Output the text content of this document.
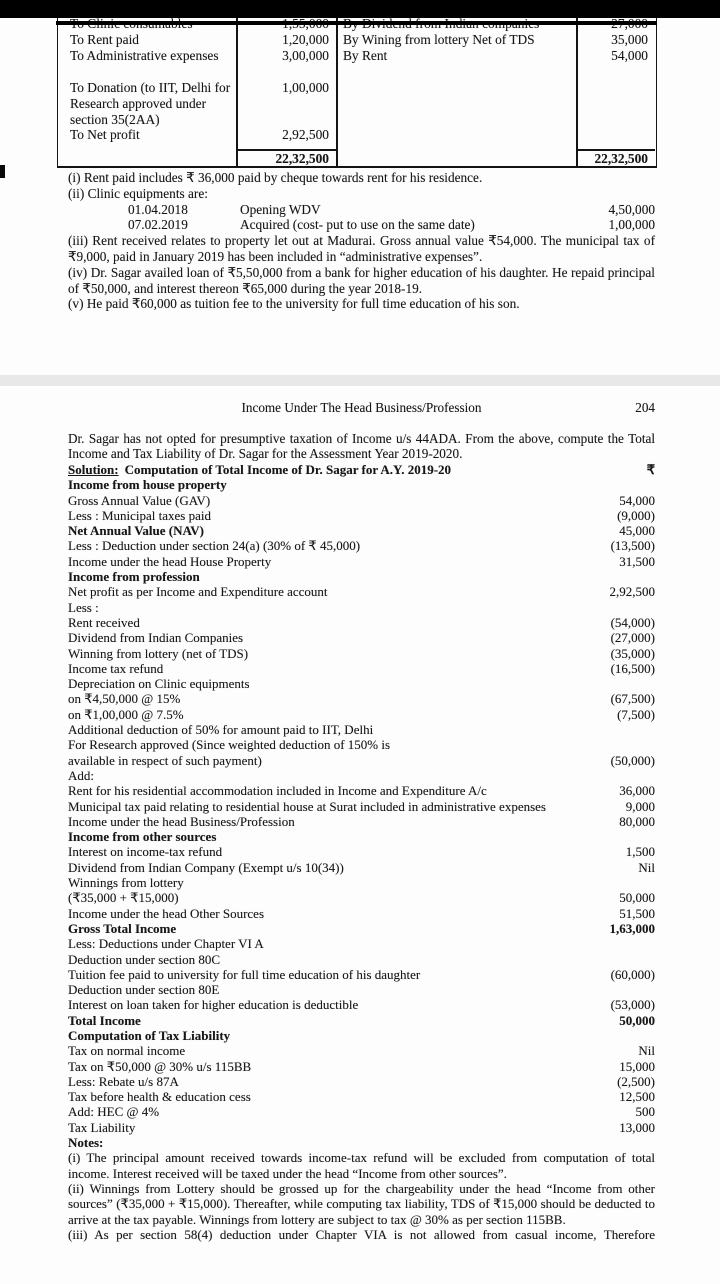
To Rent paid	1,20,000	By Wining from lottery Net of TDS	35,000
To Administrative expenses	3,00,000	By Rent	54,000
To Donation (to IIT, Delhi for	1,00,000
Research approved under
section 35(2AA)
To Net profit	2,92,500
22,32,500	22,32,500

(i) Rent paid includes ₹ 36,000 paid by cheque towards rent for his residence.

(ii) Clinic equipments are:

01.04.2018	Opening WDV	4,50,000
07.02.2019	Acquired (cost- put to use on the same date)	1,00,000

(iii) Rent received relates to property let out at Madurai. Gross annual value ₹54,000. The municipal tax of ₹9,000, paid in January 2019 has been included in “administrative expenses”.

(iv) Dr. Sagar availed loan of ₹5,50,000 from a bank for higher education of his daughter. He repaid principal of ₹50,000, and interest thereon ₹65,000 during the year 2018-19.

(v) He paid ₹60,000 as tuition fee to the university for full time education of his son.

Income Under The Head Business/Profession	204
Dr. Sagar has not opted for presumptive taxation of Income u/s 44ADA. From the above, compute the Total Income and Tax Liability of Dr. Sagar for the Assessment Year 2019-2020.
Solution: Computation of Total Income of Dr. Sagar for A.Y. 2019-20	₹
Income from house property
Gross Annual Value (GAV)	54,000
Less : Municipal taxes paid	(9,000)
Net Annual Value (NAV)	45,000
Less : Deduction under section 24(a) (30% of ₹ 45,000)	(13,500)
Income under the head House Property	31,500
Income from profession
Net profit as per Income and Expenditure account	2,92,500
Less :
Rent received	(54,000)
Dividend from Indian Companies	(27,000)
Winning from lottery (net of TDS)	(35,000)
Income tax refund	(16,500)
Depreciation on Clinic equipments
on ₹4,50,000 @ 15%	(67,500)
on ₹1,00,000 @ 7.5%	(7,500)
Additional deduction of 50% for amount paid to IIT, Delhi
For Research approved (Since weighted deduction of 150% is
available in respect of such payment)	(50,000)
Add:
Rent for his residential accommodation included in Income and Expenditure A/c	36,000
Municipal tax paid relating to residential house at Surat included in administrative expenses	9,000
Income under the head Business/Profession	80,000
Income from other sources
Interest on income-tax refund	1,500
Dividend from Indian Company (Exempt u/s 10(34))	Nil
Winnings from lottery
(₹35,000 + ₹15,000)	50,000
Income under the head Other Sources	51,500
Gross Total Income	1,63,000
Less: Deductions under Chapter VI A
Deduction under section 80C
Tuition fee paid to university for full time education of his daughter	(60,000)
Deduction under section 80E
Interest on loan taken for higher education is deductible	(53,000)
Total Income	50,000
Computation of Tax Liability
Tax on normal income	Nil
Tax on ₹50,000 @ 30% u/s 115BB	15,000
Less: Rebate u/s 87A	(2,500)
Tax before health & education cess	12,500
Add: HEC @ 4%	500
Tax Liability	13,000
Notes:

(i) The principal amount received towards income-tax refund will be excluded from computation of total income. Interest received will be taxed under the head “Income from other sources”.

(ii) Winnings from Lottery should be grossed up for the chargeability under the head “Income from other sources” (₹35,000 + ₹15,000). Thereafter, while computing tax liability, TDS of ₹15,000 should be deducted to arrive at the tax payable. Winnings from lottery are subject to tax @ 30% as per section 115BB.

(iii) As per section 58(4) deduction under Chapter VIA is not allowed from casual income, Therefore
